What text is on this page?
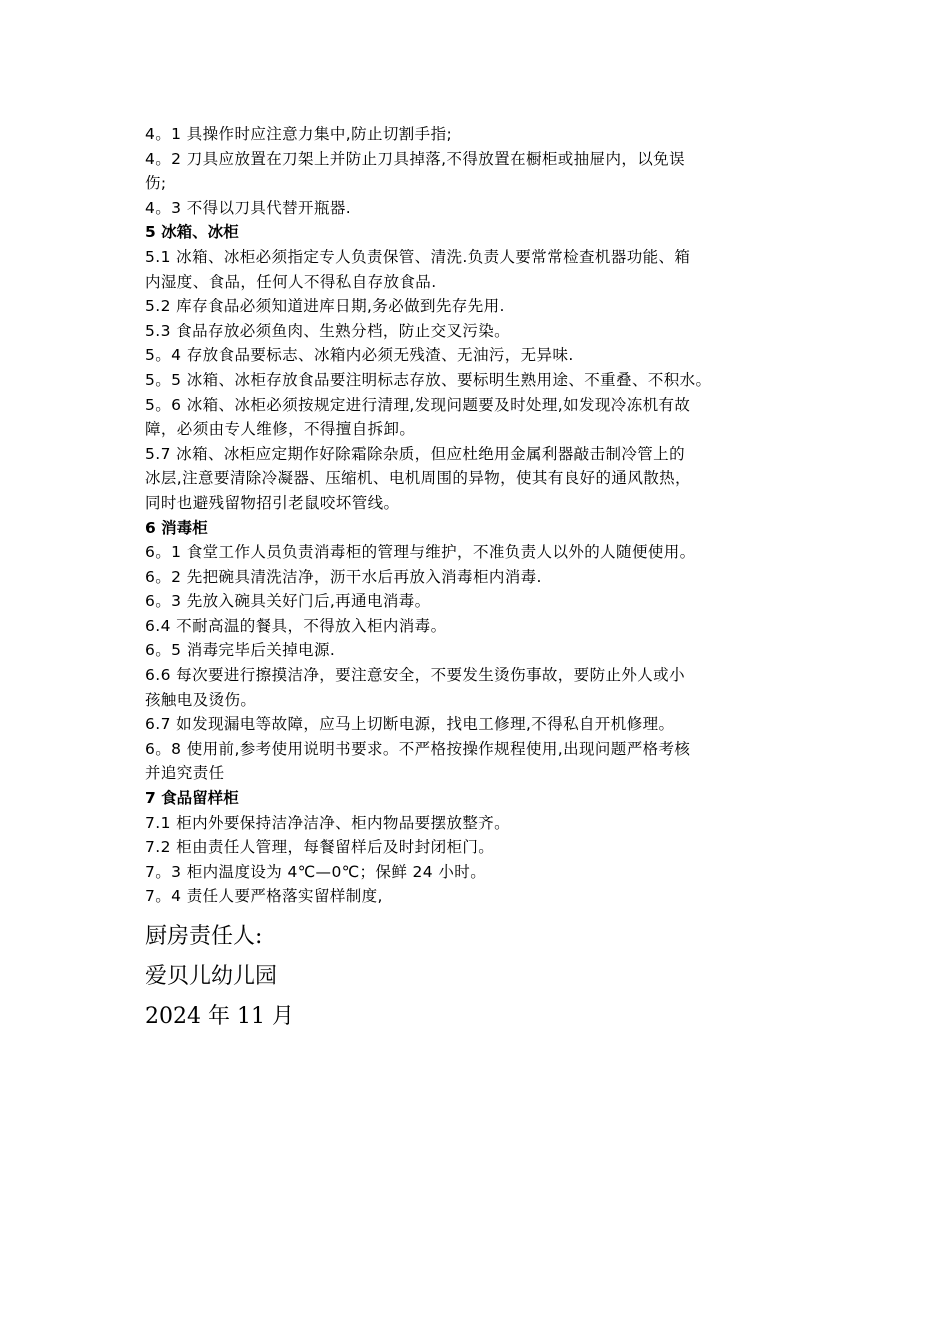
4。1 具操作时应注意力集中,防止切割手指;
4。2 刀具应放置在刀架上并防止刀具掉落,不得放置在橱柜或抽屉内，以免误
伤;
4。3 不得以刀具代替开瓶器.
5 冰箱、冰柜
5.1 冰箱、冰柜必须指定专人负责保管、清洗.负责人要常常检查机器功能、箱
内湿度、食品，任何人不得私自存放食品.
5.2 库存食品必须知道进库日期,务必做到先存先用.
5.3 食品存放必须鱼肉、生熟分档，防止交叉污染。
5。4 存放食品要标志、冰箱内必须无残渣、无油污，无异味.
5。5 冰箱、冰柜存放食品要注明标志存放、要标明生熟用途、不重叠、不积水。
5。6 冰箱、冰柜必须按规定进行清理,发现问题要及时处理,如发现冷冻机有故
障，必须由专人维修，不得擅自拆卸。
5.7 冰箱、冰柜应定期作好除霜除杂质，但应杜绝用金属利器敲击制冷管上的
冰层,注意要清除冷凝器、压缩机、电机周围的异物，使其有良好的通风散热，
同时也避残留物招引老鼠咬坏管线。
6 消毒柜
6。1 食堂工作人员负责消毒柜的管理与维护，不准负责人以外的人随便使用。
6。2 先把碗具清洗洁净，沥干水后再放入消毒柜内消毒.
6。3 先放入碗具关好门后,再通电消毒。
6.4 不耐高温的餐具，不得放入柜内消毒。
6。5 消毒完毕后关掉电源.
6.6 每次要进行擦摸洁净，要注意安全，不要发生烫伤事故，要防止外人或小
孩触电及烫伤。
6.7 如发现漏电等故障，应马上切断电源，找电工修理,不得私自开机修理。
6。8 使用前,参考使用说明书要求。不严格按操作规程使用,出现问题严格考核
并追究责任
7 食品留样柜
7.1 柜内外要保持洁净洁净、柜内物品要摆放整齐。
7.2 柜由责任人管理，每餐留样后及时封闭柜门。
7。3 柜内温度设为 4℃—0℃；保鲜 24 小时。
7。4 责任人要严格落实留样制度,
厨房责任人:
爱贝儿幼儿园
2024 年 11 月
